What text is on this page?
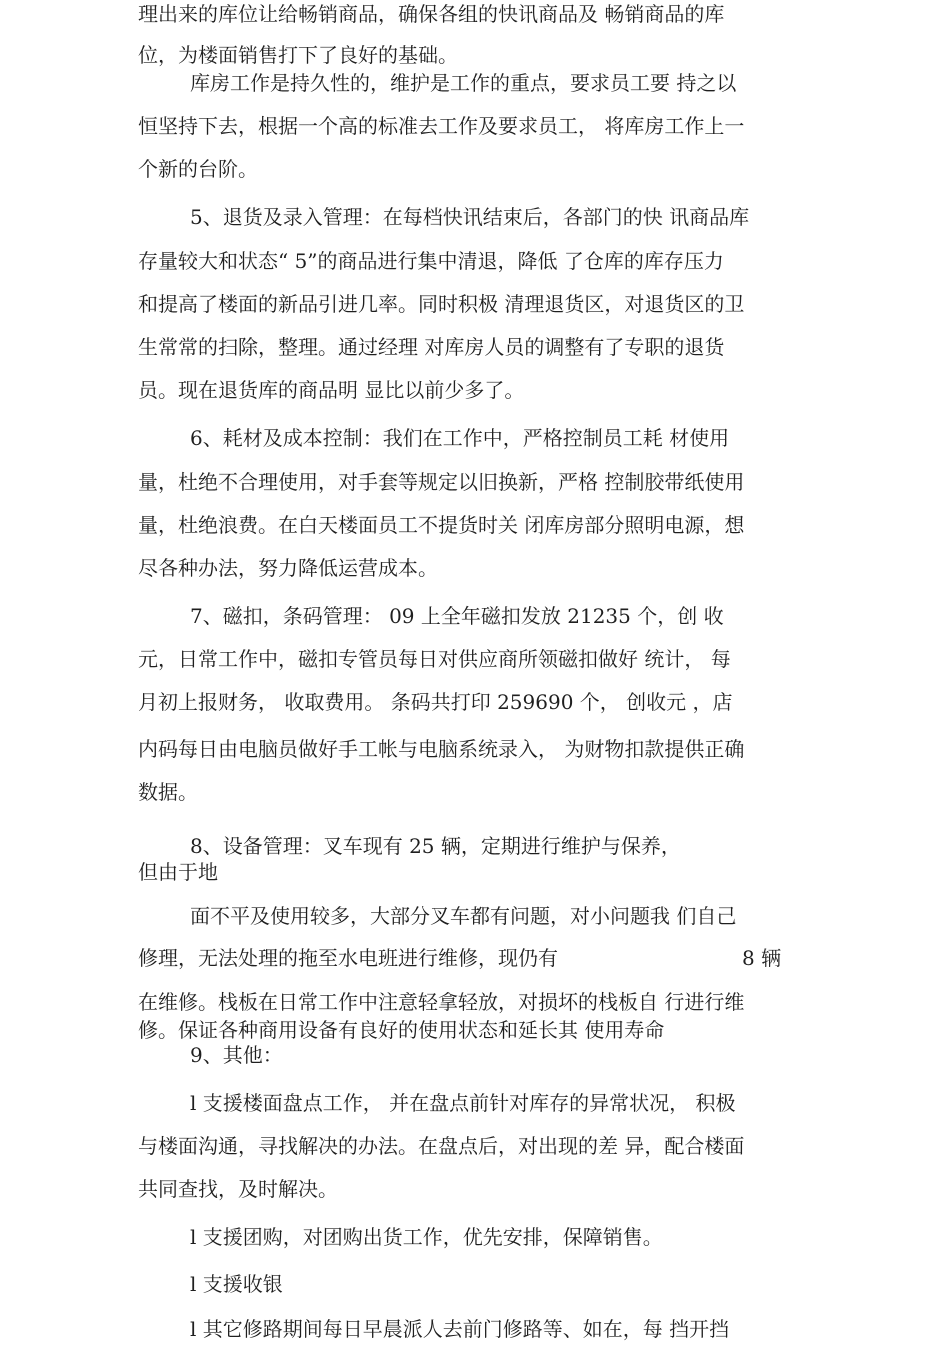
理出来的库位让给畅销商品，确保各组的快讯商品及 畅销商品的库
位，为楼面销售打下了良好的基础。
库房工作是持久性的，维护是工作的重点，要求员工要 持之以
恒坚持下去，根据一个高的标准去工作及要求员工， 将库房工作上一
个新的台阶。
5、退货及录入管理：在每档快讯结束后，各部门的快 讯商品库
存量较大和状态“ 5”的商品进行集中清退，降低 了仓库的库存压力
和提高了楼面的新品引进几率。同时积极 清理退货区，对退货区的卫
生常常的扫除，整理。通过经理 对库房人员的调整有了专职的退货
员。现在退货库的商品明 显比以前少多了。
6、耗材及成本控制：我们在工作中，严格控制员工耗 材使用
量，杜绝不合理使用，对手套等规定以旧换新，严格 控制胶带纸使用
量，杜绝浪费。在白天楼面员工不提货时关 闭库房部分照明电源，想
尽各种办法，努力降低运营成本。
7、磁扣，条码管理： 09 上全年磁扣发放 21235 个，创 收
元，日常工作中，磁扣专管员每日对供应商所领磁扣做好 统计， 每
月初上报财务， 收取费用。 条码共打印 259690 个， 创收元 ，店
内码每日由电脑员做好手工帐与电脑系统录入， 为财物扣款提供正确
数据。
8、设备管理：叉车现有 25 辆，定期进行维护与保养，
但由于地
面不平及使用较多，大部分叉车都有问题，对小问题我 们自己
修理，无法处理的拖至水电班进行维修，现仍有	8 辆
在维修。栈板在日常工作中注意轻拿轻放，对损坏的栈板自 行进行维
修。保证各种商用设备有良好的使用状态和延长其 使用寿命
9、其他：
l 支援楼面盘点工作， 并在盘点前针对库存的异常状况， 积极
与楼面沟通，寻找解决的办法。在盘点后，对出现的差 异，配合楼面
共同查找，及时解决。
l 支援团购，对团购出货工作，优先安排，保障销售。
l 支援收银
l 其它修路期间每日早晨派人去前门修路等、如在，每 挡开挡
